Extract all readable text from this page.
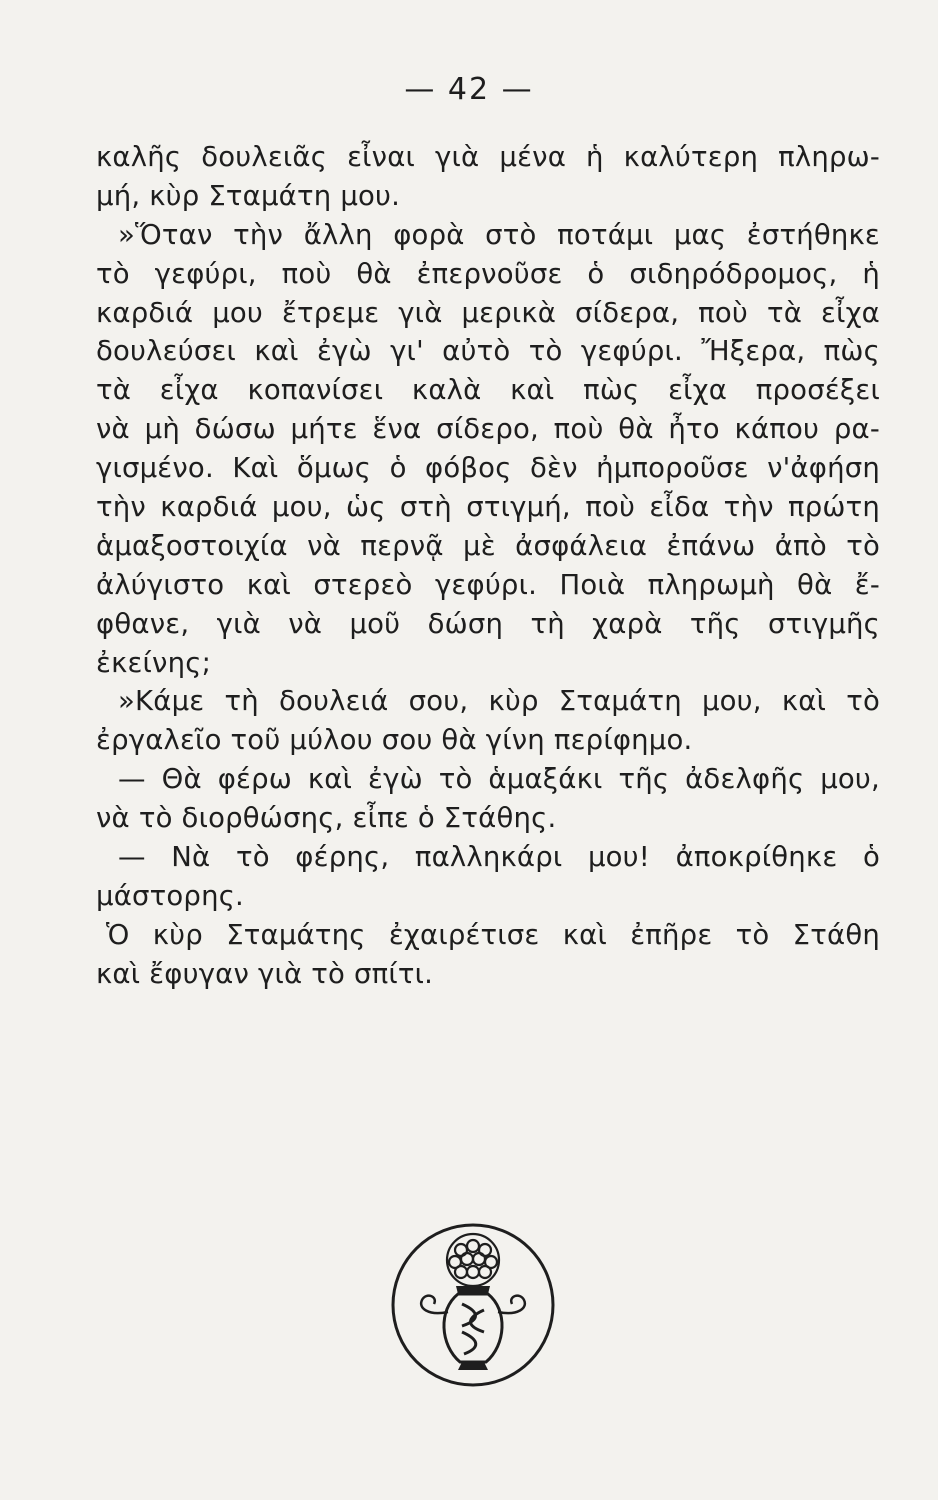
— 42 —
καλῆς δουλειᾶς εἶναι γιὰ μένα ἡ καλύτερη πληρω-
μή, κὺρ Σταμάτη μου.
»Ὅταν τὴν ἄλλη φορὰ στὸ ποτάμι μας ἐστήθηκε
τὸ γεφύρι, ποὺ θὰ ἐπερνοῦσε ὁ σιδηρόδρομος, ἡ
καρδιά μου ἔτρεμε γιὰ μερικὰ σίδερα, ποὺ τὰ εἶχα
δουλεύσει καὶ ἐγὼ γι' αὐτὸ τὸ γεφύρι. Ἤξερα, πὼς
τὰ εἶχα κοπανίσει καλὰ καὶ πὼς εἶχα προσέξει
νὰ μὴ δώσω μήτε ἕνα σίδερο, ποὺ θὰ ἦτο κάπου ρα-
γισμένο. Καὶ ὅμως ὁ φόβος δὲν ἠμποροῦσε ν'ἀφήση
τὴν καρδιά μου, ὡς στὴ στιγμή, ποὺ εἶδα τὴν πρώτη
ἁμαξοστοιχία νὰ περνᾷ μὲ ἀσφάλεια ἐπάνω ἀπὸ τὸ
ἀλύγιστο καὶ στερεὸ γεφύρι. Ποιὰ πληρωμὴ θὰ ἔ-
φθανε, γιὰ νὰ μοῦ δώση τὴ χαρὰ τῆς στιγμῆς
ἐκείνης;
»Κάμε τὴ δουλειά σου, κὺρ Σταμάτη μου, καὶ τὸ
ἐργαλεῖο τοῦ μύλου σου θὰ γίνη περίφημο.
— Θὰ φέρω καὶ ἐγὼ τὸ ἁμαξάκι τῆς ἀδελφῆς μου,
νὰ τὸ διορθώσης, εἶπε ὁ Στάθης.
— Νὰ τὸ φέρης, παλληκάρι μου! ἀποκρίθηκε ὁ
μάστορης.
Ὁ κὺρ Σταμάτης ἐχαιρέτισε καὶ ἐπῆρε τὸ Στάθη
καὶ ἔφυγαν γιὰ τὸ σπίτι.
